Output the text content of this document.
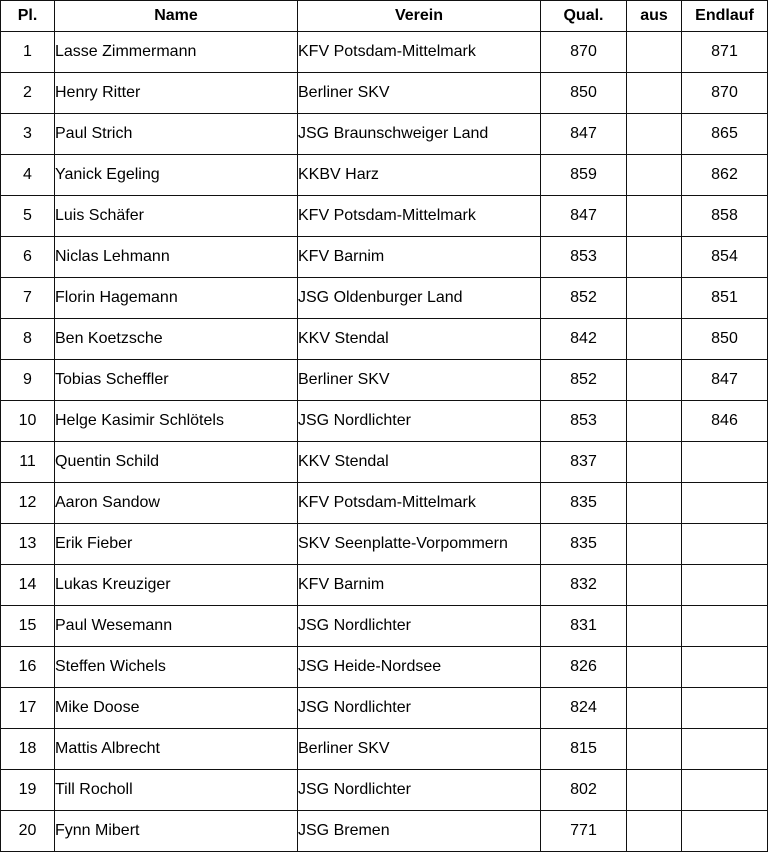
Pl.	Name	Verein	Qual.	aus	Endlauf
1	Lasse Zimmermann	KFV Potsdam-Mittelmark	870		871
2	Henry Ritter	Berliner SKV	850		870
3	Paul Strich	JSG Braunschweiger Land	847		865
4	Yanick Egeling	KKBV Harz	859		862
5	Luis Schäfer	KFV Potsdam-Mittelmark	847		858
6	Niclas Lehmann	KFV Barnim	853		854
7	Florin Hagemann	JSG Oldenburger Land	852		851
8	Ben Koetzsche	KKV Stendal	842		850
9	Tobias Scheffler	Berliner SKV	852		847
10	Helge Kasimir Schlötels	JSG Nordlichter	853		846
11	Quentin Schild	KKV Stendal	837		
12	Aaron Sandow	KFV Potsdam-Mittelmark	835		
13	Erik Fieber	SKV Seenplatte-Vorpommern	835		
14	Lukas Kreuziger	KFV Barnim	832		
15	Paul Wesemann	JSG Nordlichter	831		
16	Steffen Wichels	JSG Heide-Nordsee	826		
17	Mike Doose	JSG Nordlichter	824		
18	Mattis Albrecht	Berliner SKV	815		
19	Till Rocholl	JSG Nordlichter	802		
20	Fynn Mibert	JSG Bremen	771		
